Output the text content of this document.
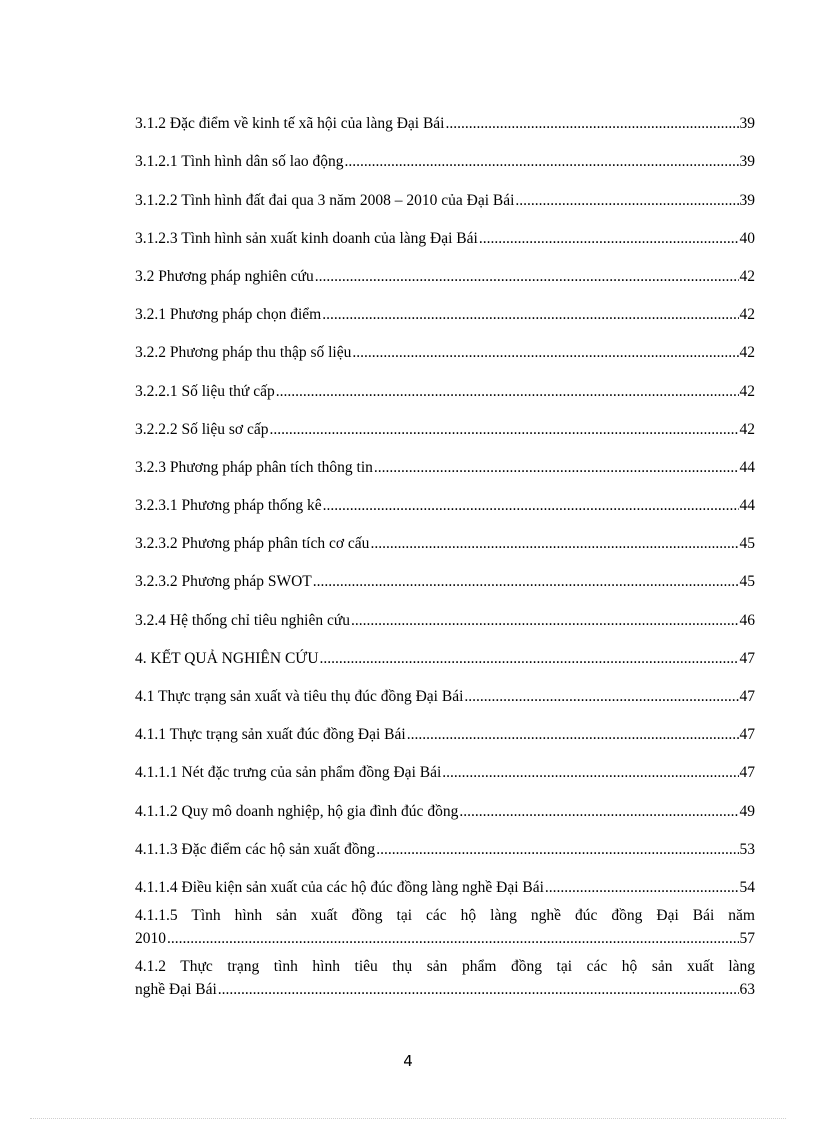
3.1.2 Đặc điểm về kinh tế xã hội của làng Đại Bái .....	39
3.1.2.1 Tình hình dân số lao động .....	39
3.1.2.2 Tình hình đất đai qua 3 năm 2008 – 2010 của Đại Bái .....	39
3.1.2.3 Tình hình sản xuất kinh doanh của làng Đại Bái .....	40
3.2 Phương pháp nghiên cứu .....	42
3.2.1 Phương pháp chọn điểm .....	42
3.2.2 Phương pháp thu thập số liệu .....	42
3.2.2.1 Số liệu thứ cấp .....	42
3.2.2.2 Số liệu sơ cấp .....	42
3.2.3 Phương pháp phân tích thông tin .....	44
3.2.3.1 Phương pháp thống kê .....	44
3.2.3.2 Phương pháp phân tích cơ cấu .....	45
3.2.3.2 Phương pháp SWOT .....	45
3.2.4 Hệ thống chỉ tiêu nghiên cứu .....	46
4. KẾT QUẢ NGHIÊN CỨU .....	47
4.1 Thực trạng sản xuất và tiêu thụ đúc đồng Đại Bái .....	47
4.1.1 Thực trạng sản xuất đúc đồng Đại Bái .....	47
4.1.1.1 Nét đặc trưng của sản phẩm đồng Đại Bái .....	47
4.1.1.2 Quy mô doanh nghiệp, hộ gia đình đúc đồng .....	49
4.1.1.3 Đặc điểm các hộ sản xuất đồng .....	53
4.1.1.4 Điều kiện sản xuất của các hộ đúc đồng làng nghề Đại Bái .....	54
4.1.1.5 Tình hình sản xuất đồng tại các hộ làng nghề đúc đồng Đại Bái năm
2010 .....	57
4.1.2 Thực trạng tình hình tiêu thụ sản phẩm đồng tại các hộ sản xuất làng
nghề Đại Bái .....	63
4
